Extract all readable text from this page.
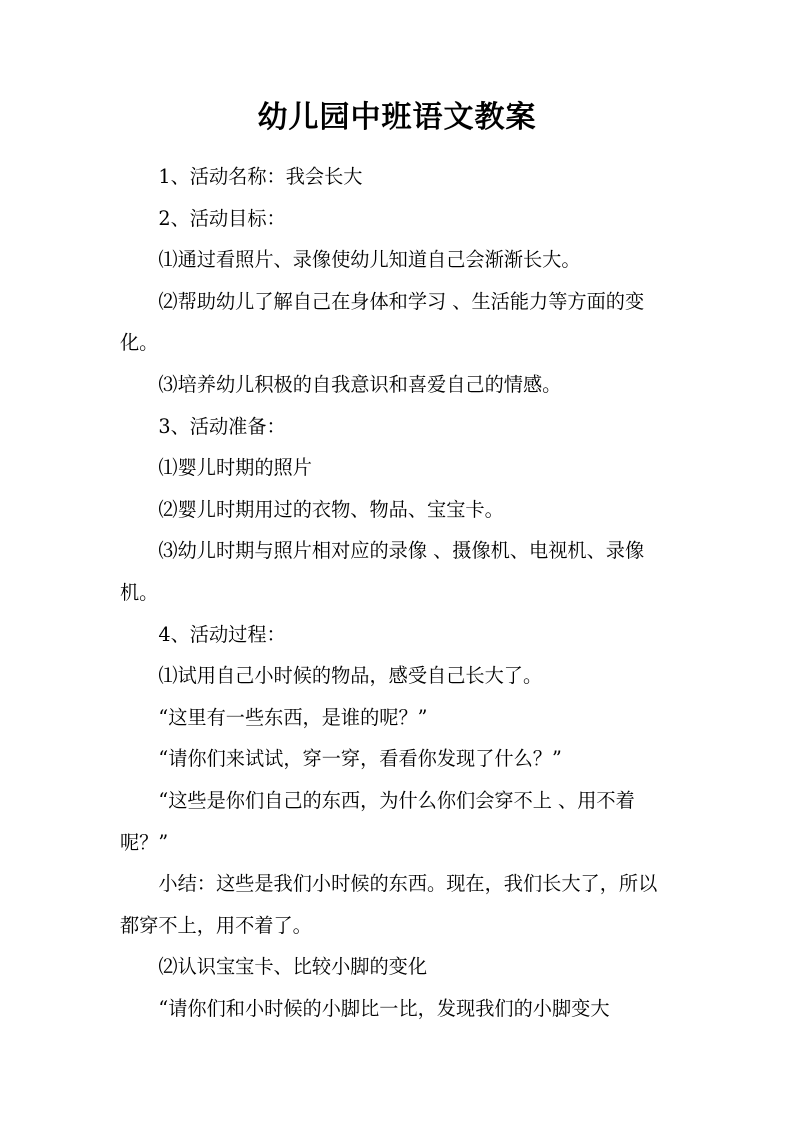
幼儿园中班语文教案

1、活动名称：我会长大

2、活动目标：

⑴通过看照片、录像使幼儿知道自己会渐渐长大。

⑵帮助幼儿了解自己在身体和学习 、生活能力等方面的变化。

⑶培养幼儿积极的自我意识和喜爱自己的情感。

3、活动准备：

⑴婴儿时期的照片

⑵婴儿时期用过的衣物、物品、宝宝卡。

⑶幼儿时期与照片相对应的录像 、摄像机、电视机、录像机。

4、活动过程：

⑴试用自己小时候的物品，感受自己长大了。

“这里有一些东西，是谁的呢？”

“请你们来试试，穿一穿，看看你发现了什么？”

“这些是你们自己的东西，为什么你们会穿不上 、用不着呢？”

小结：这些是我们小时候的东西。现在，我们长大了，所以都穿不上，用不着了。

⑵认识宝宝卡、比较小脚的变化

“请你们和小时候的小脚比一比，发现我们的小脚变大
